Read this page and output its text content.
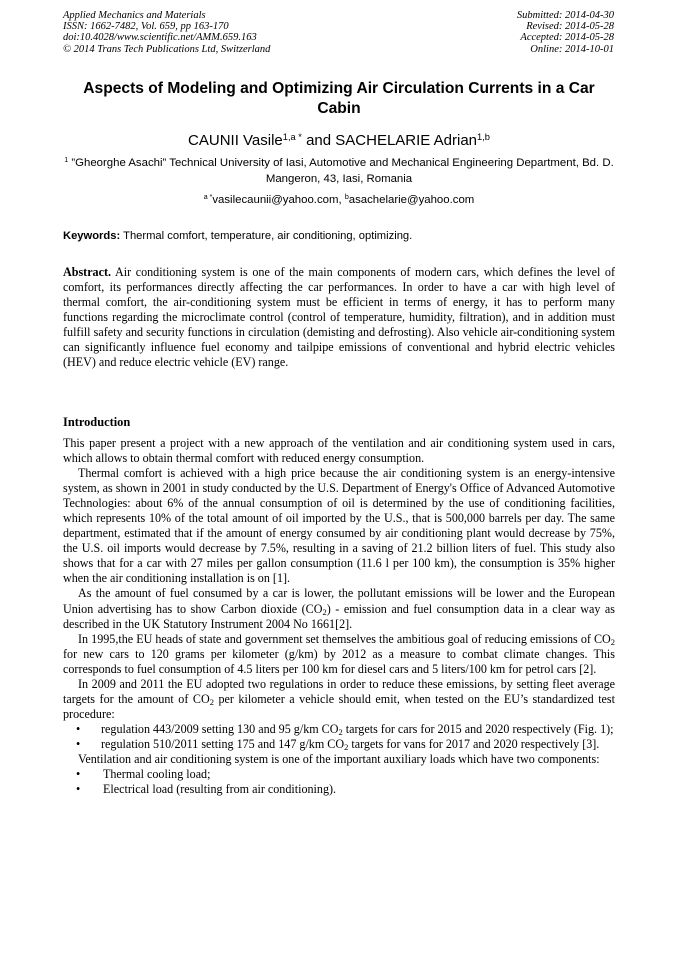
Applied Mechanics and Materials
ISSN: 1662-7482, Vol. 659, pp 163-170
doi:10.4028/www.scientific.net/AMM.659.163
© 2014 Trans Tech Publications Ltd, Switzerland
Submitted: 2014-04-30
Revised: 2014-05-28
Accepted: 2014-05-28
Online: 2014-10-01
Aspects of Modeling and Optimizing Air Circulation Currents in a Car Cabin
CAUNII Vasile$^{1,a *}$ and SACHELARIE Adrian$^{1,b}$
$^1$ ”Gheorghe Asachi” Technical University of Iasi, Automotive and Mechanical Engineering Department, Bd. D. Mangeron, 43, Iasi, Romania
$^{a *}$vasilecaunii@yahoo.com, $^b$asachelarie@yahoo.com
Keywords: Thermal comfort, temperature, air conditioning, optimizing.
Abstract. Air conditioning system is one of the main components of modern cars, which defines the level of comfort, its performances directly affecting the car performances. In order to have a car with high level of thermal comfort, the air-conditioning system must be efficient in terms of energy, it has to perform many functions regarding the microclimate control (control of temperature, humidity, filtration), and in addition must fulfill safety and security functions in circulation (demisting and defrosting). Also vehicle air-conditioning system can significantly influence fuel economy and tailpipe emissions of conventional and hybrid electric vehicles (HEV) and reduce electric vehicle (EV) range.
Introduction

This paper present a project with a new approach of the ventilation and air conditioning system used in cars, which allows to obtain thermal comfort with reduced energy consumption.

Thermal comfort is achieved with a high price because the air conditioning system is an energy-intensive system, as shown in 2001 in study conducted by the U.S. Department of Energy's Office of Advanced Automotive Technologies: about 6% of the annual consumption of oil is determined by the use of conditioning facilities, which represents 10% of the total amount of oil imported by the U.S., that is 500,000 barrels per day. The same department, estimated that if the amount of energy consumed by air conditioning plant would decrease by 75%, the U.S. oil imports would decrease by 7.5%, resulting in a saving of 21.2 billion liters of fuel. This study also shows that for a car with 27 miles per gallon consumption (11.6 l per 100 km), the consumption is 35% higher when the air conditioning installation is on [1].

As the amount of fuel consumed by a car is lower, the pollutant emissions will be lower and the European Union advertising has to show Carbon dioxide $(CO_2)$ - emission and fuel consumption data in a clear way as described in the UK Statutory Instrument 2004 No 1661[2].

In 1995,the EU heads of state and government set themselves the ambitious goal of reducing emissions of $CO_2$ for new cars to 120 grams per kilometer (g/km) by 2012 as a measure to combat climate changes. This corresponds to fuel consumption of 4.5 liters per 100 km for diesel cars and 5 liters/100 km for petrol cars [2].

In 2009 and 2011 the EU adopted two regulations in order to reduce these emissions, by setting fleet average targets for the amount of $CO_2$ per kilometer a vehicle should emit, when tested on the EU’s standardized test procedure:

• regulation 443/2009 setting 130 and 95 g/km $CO_2$ targets for cars for 2015 and 2020 respectively (Fig. 1);

• regulation 510/2011 setting 175 and 147 g/km $CO_2$ targets for vans for 2017 and 2020 respectively [3].

Ventilation and air conditioning system is one of the important auxiliary loads which have two components:

• Thermal cooling load;
• Electrical load (resulting from air conditioning).
